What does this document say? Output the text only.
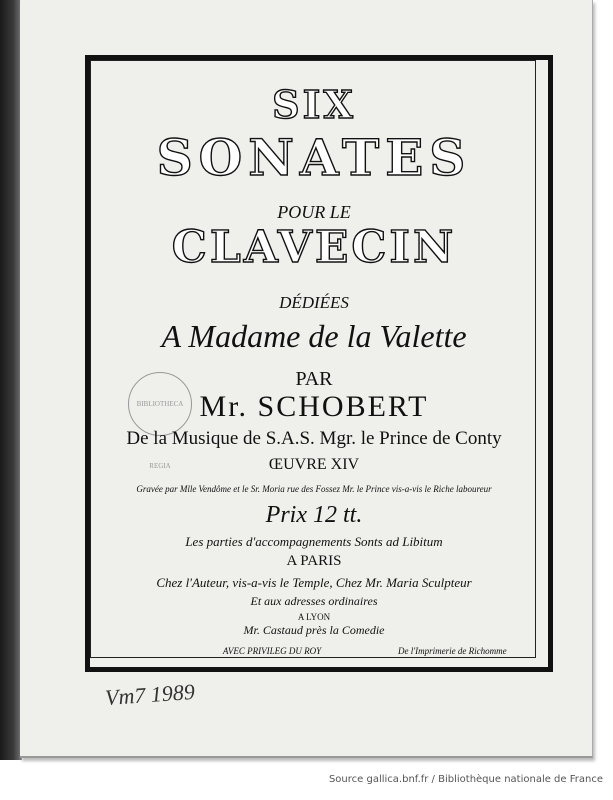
SIX
SONATES
POUR LE
CLAVECIN
DÉDIÉES
A Madame de la Valette
BIBLIOTHECA REGIA
PAR
Mr. SCHOBERT
De la Musique de S.A.S. Mgr. le Prince de Conty
ŒUVRE XIV
Gravée par Mlle Vendôme et le Sr. Moria rue des Fossez Mr. le Prince vis-a-vis le Riche laboureur
Prix 12 tt.
Les parties d'accompagnements Sonts ad Libitum
A PARIS
Chez l'Auteur, vis-a-vis le Temple, Chez Mr. Maria Sculpteur
Et aux adresses ordinaires
A LYON
Mr. Castaud près la Comedie
AVEC PRIVILEG DU ROY	De l'Imprimerie de Richomme
Vm7 1989
Source gallica.bnf.fr / Bibliothèque nationale de France
